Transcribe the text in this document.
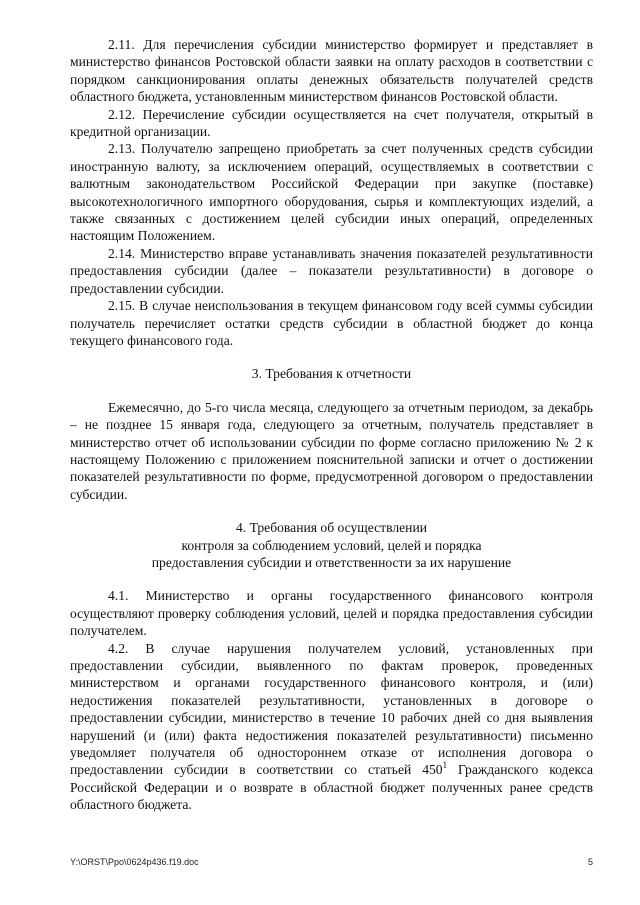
2.11. Для перечисления субсидии министерство формирует и представляет в министерство финансов Ростовской области заявки на оплату расходов в соответствии с порядком санкционирования оплаты денежных обязательств получателей средств областного бюджета, установленным министерством финансов Ростовской области.

2.12. Перечисление субсидии осуществляется на счет получателя, открытый в кредитной организации.

2.13. Получателю запрещено приобретать за счет полученных средств субсидии иностранную валюту, за исключением операций, осуществляемых в соответствии с валютным законодательством Российской Федерации при закупке (поставке) высокотехнологичного импортного оборудования, сырья и комплектующих изделий, а также связанных с достижением целей субсидии иных операций, определенных настоящим Положением.

2.14. Министерство вправе устанавливать значения показателей результативности предоставления субсидии (далее – показатели результативности) в договоре о предоставлении субсидии.

2.15. В случае неиспользования в текущем финансовом году всей суммы субсидии получатель перечисляет остатки средств субсидии в областной бюджет до конца текущего финансового года.

3. Требования к отчетности

Ежемесячно, до 5-го числа месяца, следующего за отчетным периодом, за декабрь – не позднее 15 января года, следующего за отчетным, получатель представляет в министерство отчет об использовании субсидии по форме согласно приложению № 2 к настоящему Положению с приложением пояснительной записки и отчет о достижении показателей результативности по форме, предусмотренной договором о предоставлении субсидии.

4. Требования об осуществлении
контроля за соблюдением условий, целей и порядка
предоставления субсидии и ответственности за их нарушение

4.1. Министерство и органы государственного финансового контроля осуществляют проверку соблюдения условий, целей и порядка предоставления субсидии получателем.

4.2. В случае нарушения получателем условий, установленных при предоставлении субсидии, выявленного по фактам проверок, проведенных министерством и органами государственного финансового контроля, и (или) недостижения показателей результативности, установленных в договоре о предоставлении субсидии, министерство в течение 10 рабочих дней со дня выявления нарушений (и (или) факта недостижения показателей результативности) письменно уведомляет получателя об одностороннем отказе от исполнения договора о предоставлении субсидии в соответствии со статьей $450^1$ Гражданского кодекса Российской Федерации и о возврате в областной бюджет полученных ранее средств областного бюджета.

Y:\ORST\Ppo\0624p436.f19.doc	5
